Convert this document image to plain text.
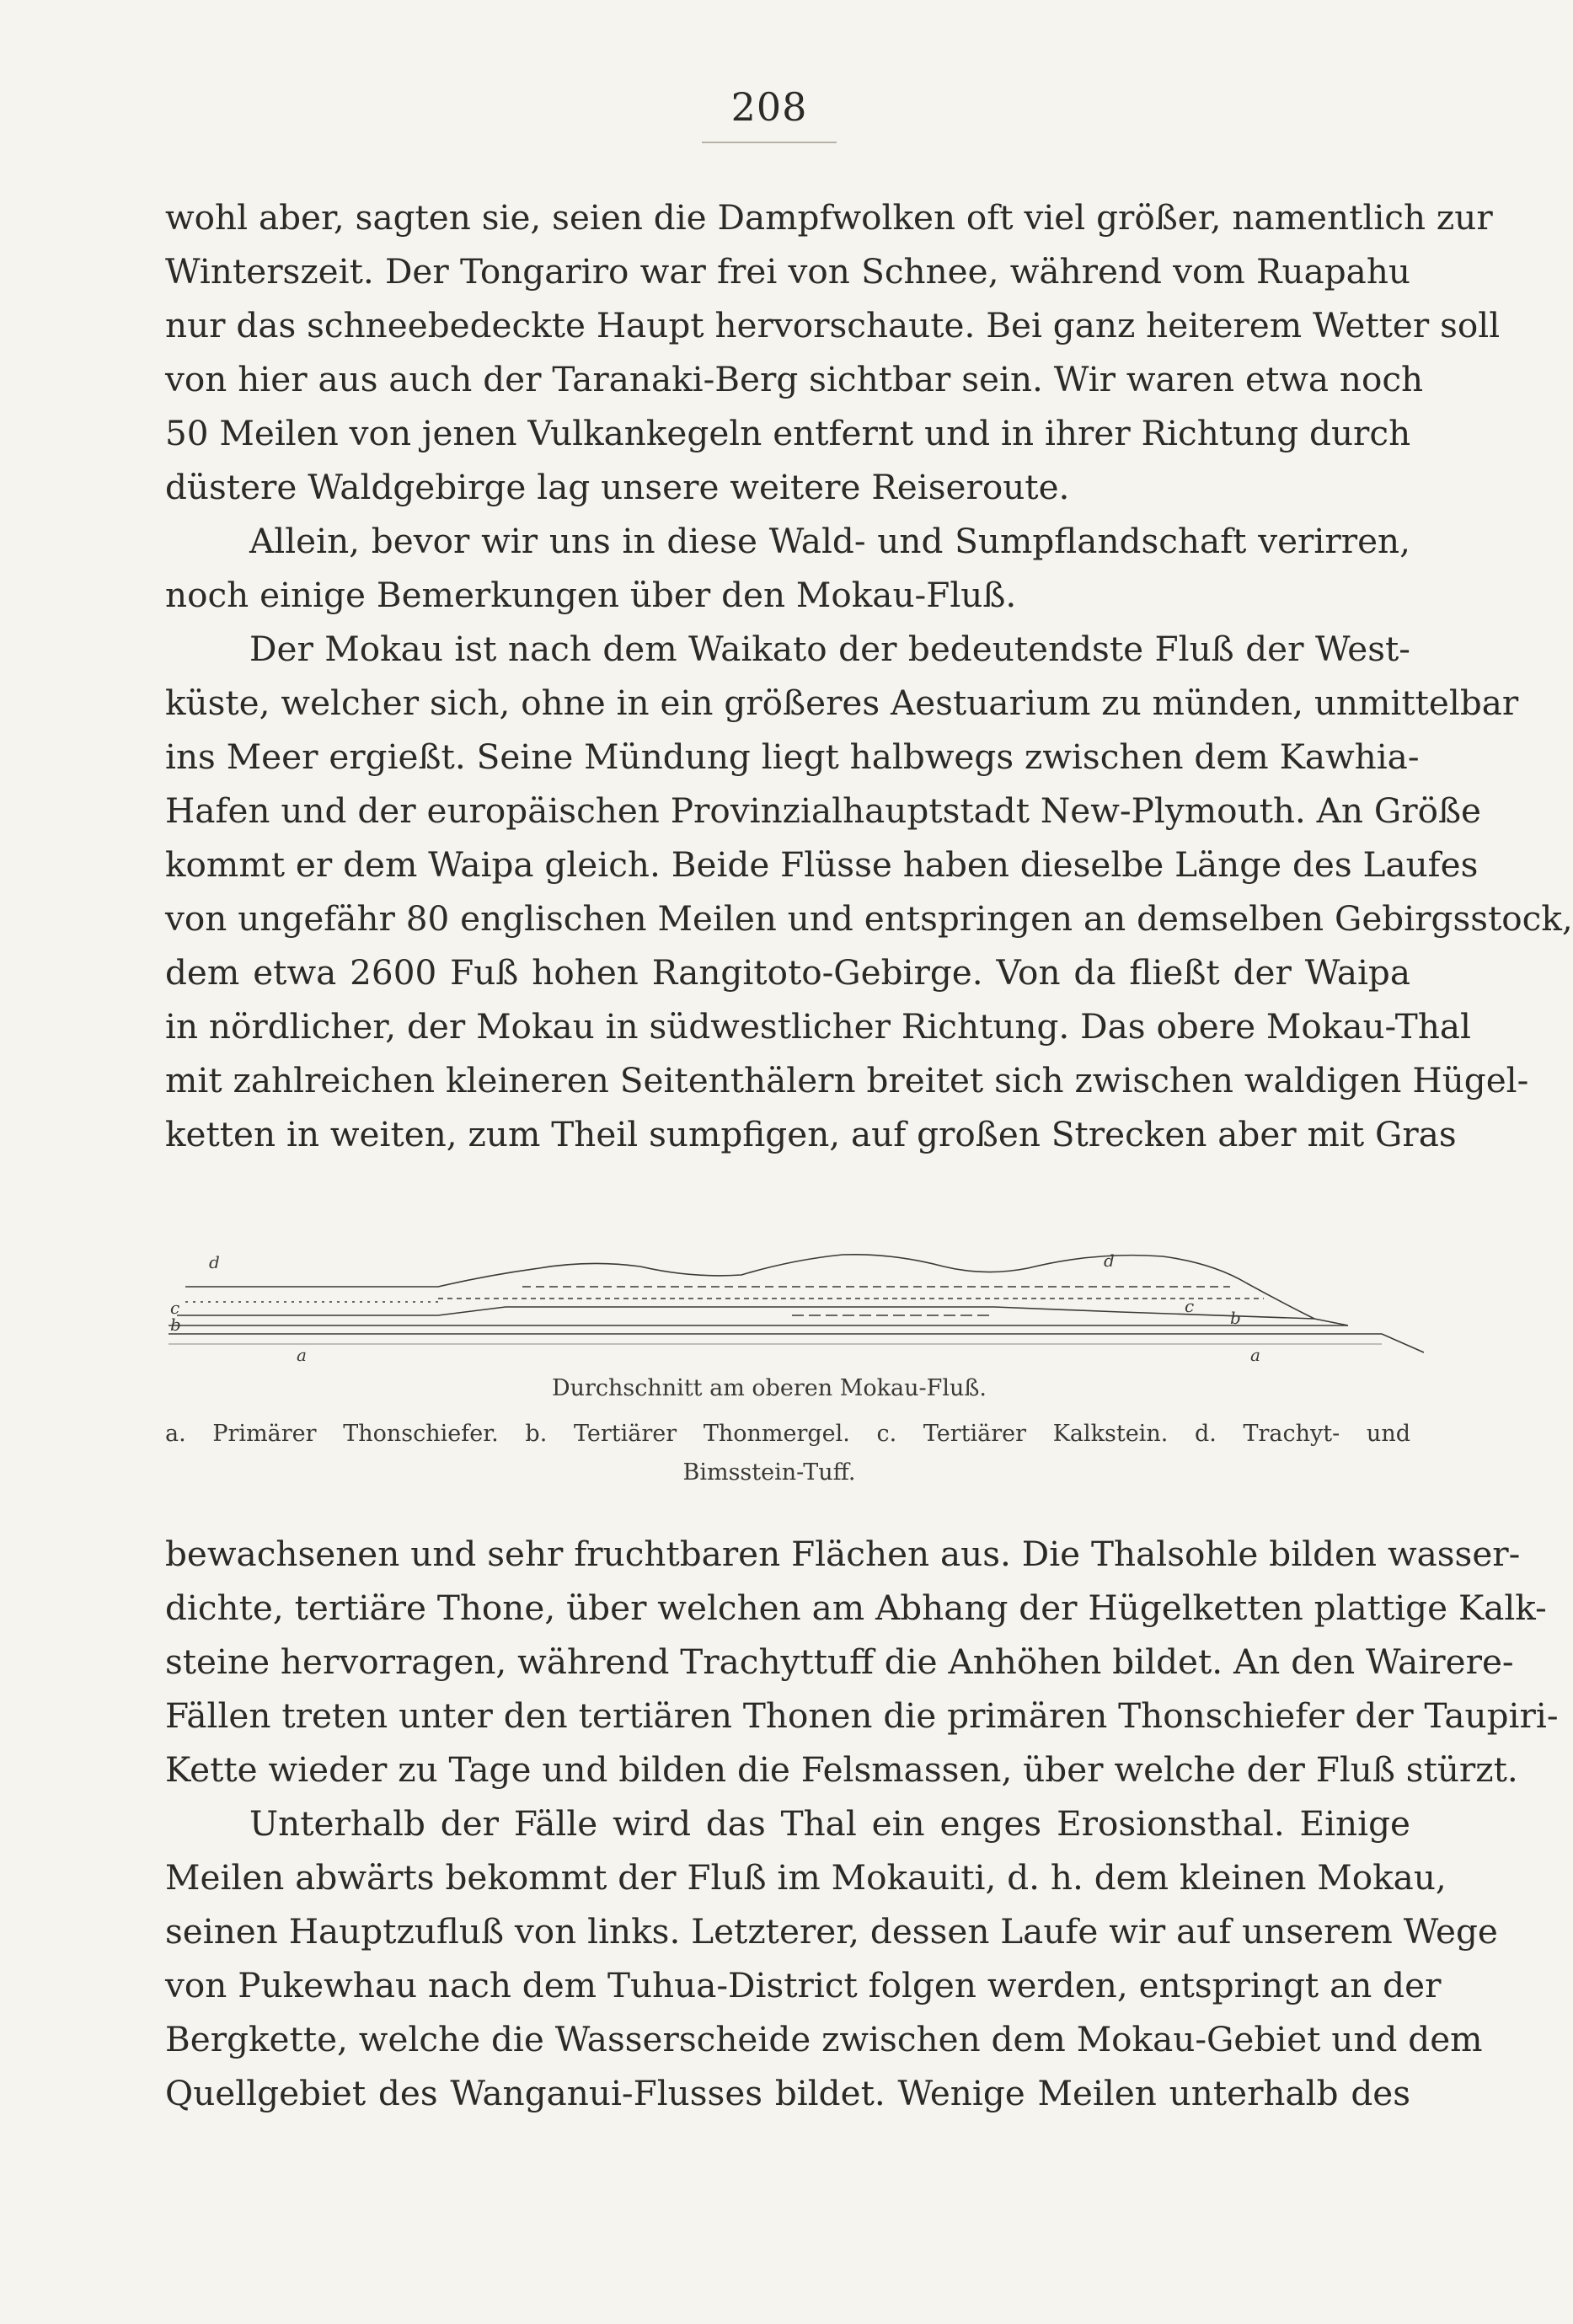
208
wohl aber, sagten sie, seien die Dampfwolken oft viel größer, namentlich zur
Winterszeit. Der Tongariro war frei von Schnee, während vom Ruapahu
nur das schneebedeckte Haupt hervorschaute. Bei ganz heiterem Wetter soll
von hier aus auch der Taranaki-Berg sichtbar sein. Wir waren etwa noch
50 Meilen von jenen Vulkankegeln entfernt und in ihrer Richtung durch
düstere Waldgebirge lag unsere weitere Reiseroute.
Allein, bevor wir uns in diese Wald- und Sumpflandschaft verirren,
noch einige Bemerkungen über den Mokau-Fluß.
Der Mokau ist nach dem Waikato der bedeutendste Fluß der West-
küste, welcher sich, ohne in ein größeres Aestuarium zu münden, unmittelbar
ins Meer ergießt. Seine Mündung liegt halbwegs zwischen dem Kawhia-
Hafen und der europäischen Provinzialhauptstadt New-Plymouth. An Größe
kommt er dem Waipa gleich. Beide Flüsse haben dieselbe Länge des Laufes
von ungefähr 80 englischen Meilen und entspringen an demselben Gebirgsstock,
dem etwa 2600 Fuß hohen Rangitoto-Gebirge. Von da fließt der Waipa
in nördlicher, der Mokau in südwestlicher Richtung. Das obere Mokau-Thal
mit zahlreichen kleineren Seitenthälern breitet sich zwischen waldigen Hügel-
ketten in weiten, zum Theil sumpfigen, auf großen Strecken aber mit Gras
d	d
c	c
b	b
a	a
Durchschnitt am oberen Mokau-Fluß.
a. Primärer Thonschiefer. b. Tertiärer Thonmergel. c. Tertiärer Kalkstein. d. Trachyt- und
Bimsstein-Tuff.
bewachsenen und sehr fruchtbaren Flächen aus. Die Thalsohle bilden wasser-
dichte, tertiäre Thone, über welchen am Abhang der Hügelketten plattige Kalk-
steine hervorragen, während Trachyttuff die Anhöhen bildet. An den Wairere-
Fällen treten unter den tertiären Thonen die primären Thonschiefer der Taupiri-
Kette wieder zu Tage und bilden die Felsmassen, über welche der Fluß stürzt.
Unterhalb der Fälle wird das Thal ein enges Erosionsthal. Einige
Meilen abwärts bekommt der Fluß im Mokauiti, d. h. dem kleinen Mokau,
seinen Hauptzufluß von links. Letzterer, dessen Laufe wir auf unserem Wege
von Pukewhau nach dem Tuhua-District folgen werden, entspringt an der
Bergkette, welche die Wasserscheide zwischen dem Mokau-Gebiet und dem
Quellgebiet des Wanganui-Flusses bildet. Wenige Meilen unterhalb des
